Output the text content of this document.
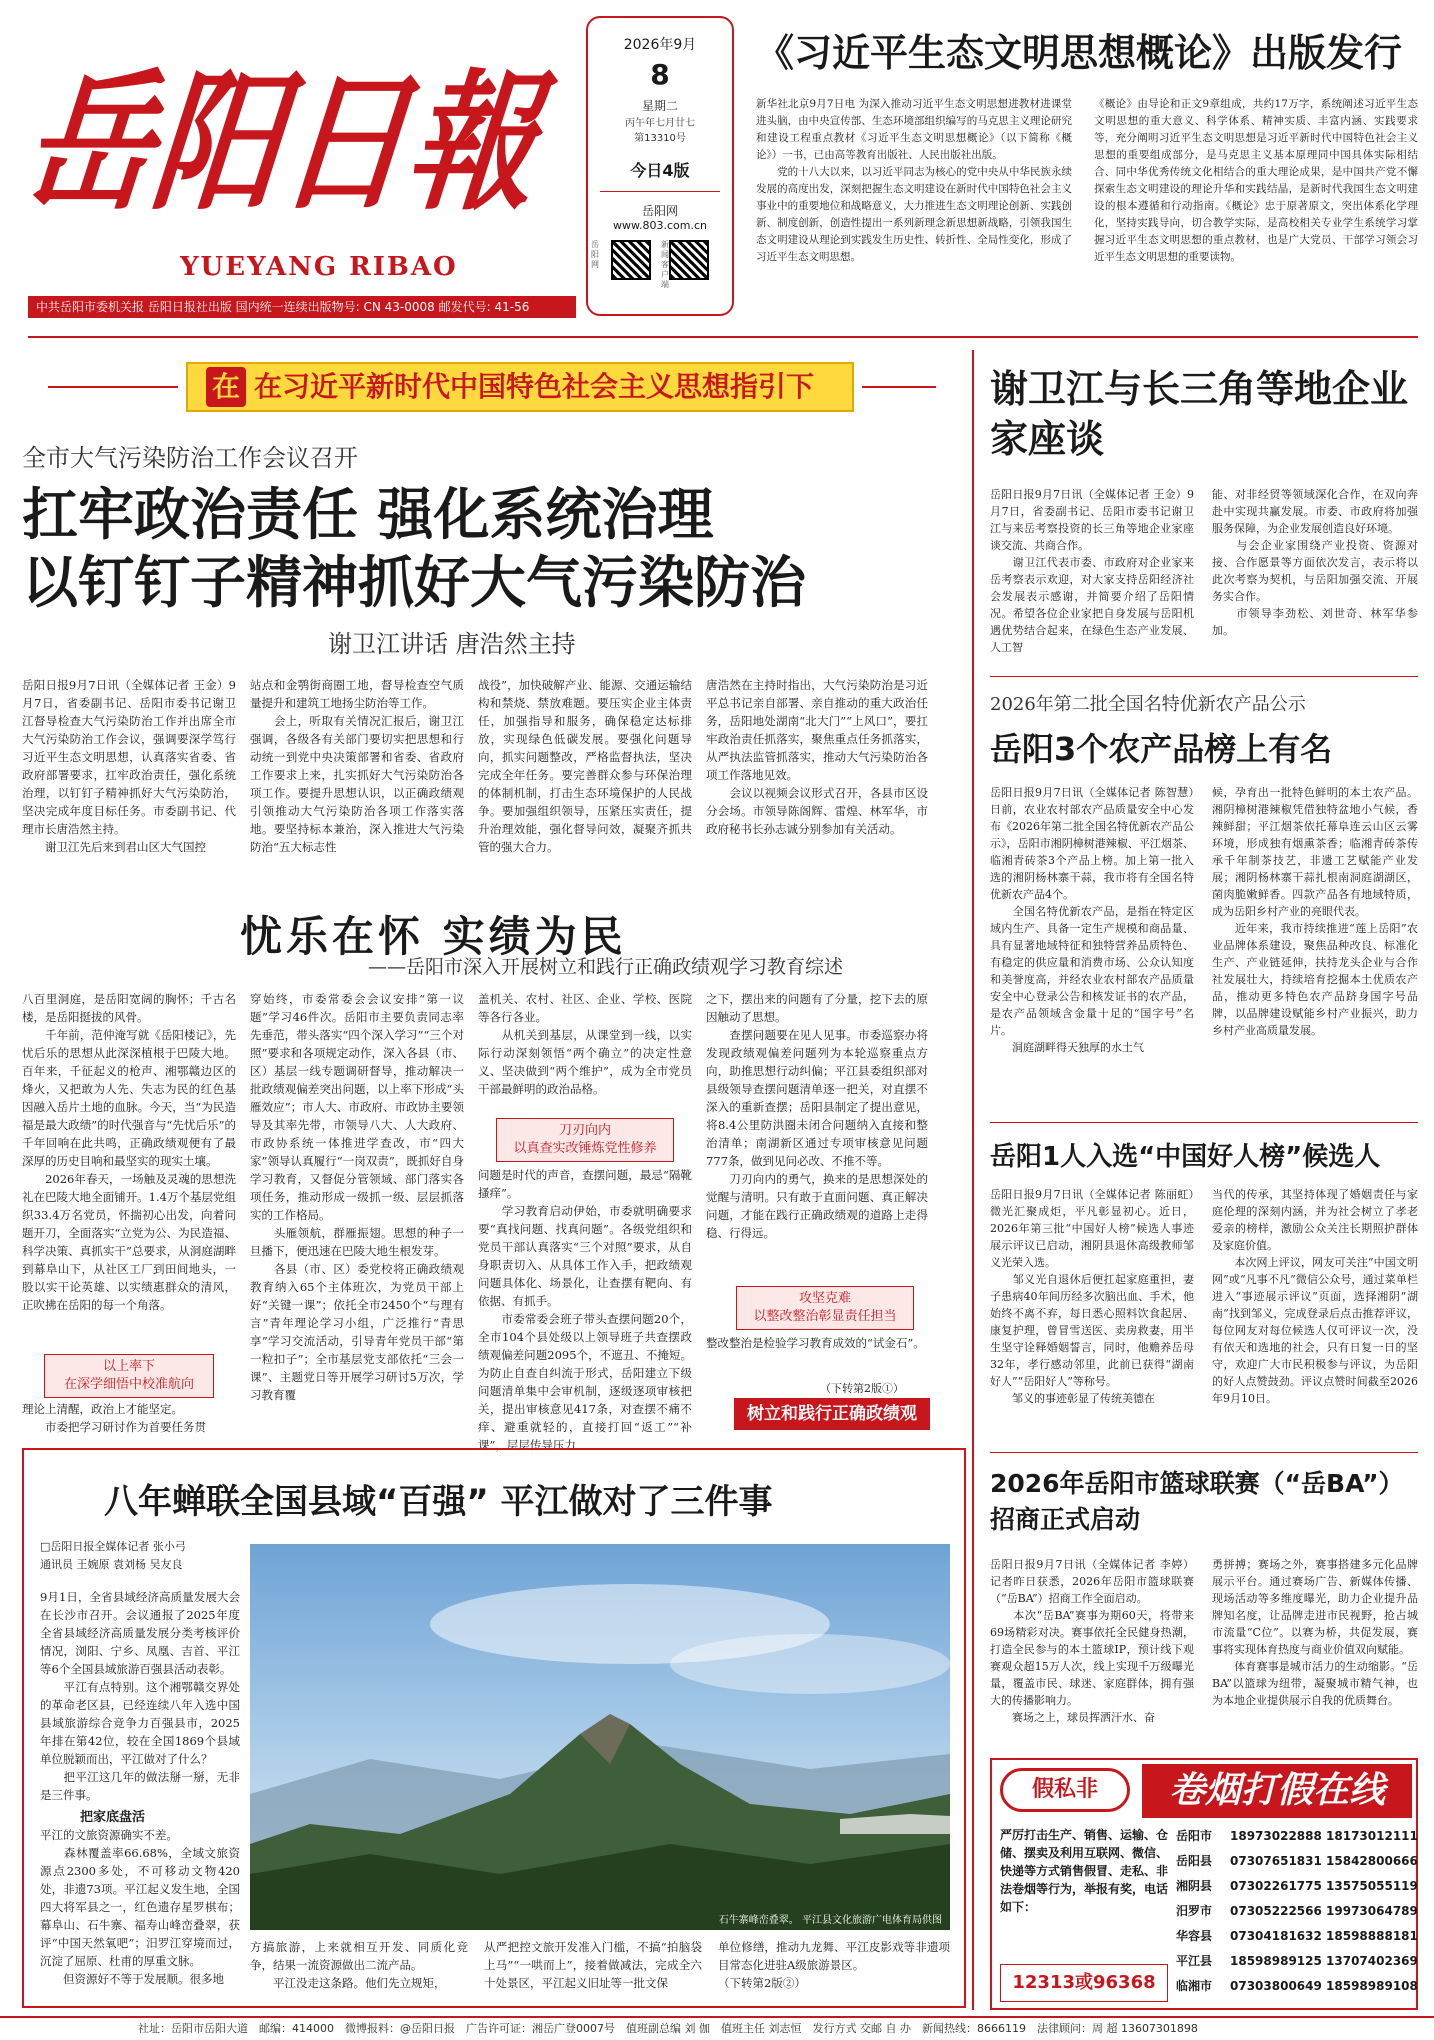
岳阳日報
YUEYANG RIBAO
中共岳阳市委机关报 岳阳日报社出版 国内统一连续出版物号: CN 43-0008 邮发代号: 41-56
2026年9月
8
星期二
丙午年七月廿七
第13310号
今日4版
岳阳网
www.803.com.cn

岳阳网
新闻客户端
《习近平生态文明思想概论》出版发行
新华社北京9月7日电 为深入推动习近平生态文明思想进教材进课堂进头脑，由中央宣传部、生态环境部组织编写的马克思主义理论研究和建设工程重点教材《习近平生态文明思想概论》（以下简称《概论》）一书，已由高等教育出版社、人民出版社出版。
　　党的十八大以来，以习近平同志为核心的党中央从中华民族永续发展的高度出发，深刻把握生态文明建设在新时代中国特色社会主义事业中的重要地位和战略意义，大力推进生态文明理论创新、实践创新、制度创新，创造性提出一系列新理念新思想新战略，引领我国生态文明建设从理论到实践发生历史性、转折性、全局性变化，形成了习近平生态文明思想。
《概论》由导论和正文9章组成，共约17万字，系统阐述习近平生态文明思想的重大意义、科学体系、精神实质、丰富内涵、实践要求等，充分阐明习近平生态文明思想是习近平新时代中国特色社会主义思想的重要组成部分，是马克思主义基本原理同中国具体实际相结合、同中华优秀传统文化相结合的重大理论成果，是中国共产党不懈探索生态文明建设的理论升华和实践结晶，是新时代我国生态文明建设的根本遵循和行动指南。《概论》忠于原著原文，突出体系化学理化，坚持实践导向，切合教学实际，是高校相关专业学生系统学习掌握习近平生态文明思想的重点教材，也是广大党员、干部学习领会习近平生态文明思想的重要读物。
在 在习近平新时代中国特色社会主义思想指引下
全市大气污染防治工作会议召开
扛牢政治责任 强化系统治理
以钉钉子精神抓好大气污染防治
谢卫江讲话 唐浩然主持
岳阳日报9月7日讯（全媒体记者 王金）9月7日，省委副书记、岳阳市委书记谢卫江督导检查大气污染防治工作并出席全市大气污染防治工作会议，强调要深学笃行习近平生态文明思想，认真落实省委、省政府部署要求，扛牢政治责任，强化系统治理，以钉钉子精神抓好大气污染防治，坚决完成年度目标任务。市委副书记、代理市长唐浩然主持。
　　谢卫江先后来到君山区大气国控
站点和金鹗街商圈工地，督导检查空气质量提升和建筑工地扬尘防治等工作。
　　会上，听取有关情况汇报后，谢卫江强调，各级各有关部门要切实把思想和行动统一到党中央决策部署和省委、省政府工作要求上来，扎实抓好大气污染防治各项工作。要提升思想认识，以正确政绩观引领推动大气污染防治各项工作落实落地。要坚持标本兼治，深入推进大气污染防治“五大标志性
战役”，加快破解产业、能源、交通运输结构和禁烧、禁放难题。要压实企业主体责任，加强指导和服务，确保稳定达标排放，实现绿色低碳发展。要强化问题导向，抓实问题整改，严格监督执法，坚决完成全年任务。要完善群众参与环保治理的体制机制，打击生态环境保护的人民战争。要加强组织领导，压紧压实责任，提升治理效能，强化督导问效，凝聚齐抓共管的强大合力。
唐浩然在主持时指出，大气污染防治是习近平总书记亲自部署、亲自推动的重大政治任务，岳阳地处湖南“北大门”“上风口”，要扛牢政治责任抓落实，聚焦重点任务抓落实，从严执法监管抓落实，推动大气污染防治各项工作落地见效。
　　会议以视频会议形式召开，各县市区设分会场。市领导陈阁辉、雷煌、林军华，市政府秘书长孙志诚分别参加有关活动。
忧乐在怀 实绩为民
——岳阳市深入开展树立和践行正确政绩观学习教育综述
八百里洞庭，是岳阳宽阔的胸怀；千古名楼，是岳阳挺拔的风骨。
　　千年前，范仲淹写就《岳阳楼记》，先忧后乐的思想从此深深植根于巴陵大地。百年来，千征起义的枪声、湘鄂赣边区的烽火，又把敢为人先、失志为民的红色基因融入岳片土地的血脉。今天，当“为民造福是最大政绩”的时代强音与“先忧后乐”的千年回响在此共鸣，正确政绩观便有了最深厚的历史目响和最坚实的现实土壤。
　　2026年春天，一场触及灵魂的思想洗礼在巴陵大地全面铺开。1.4万个基层党组织33.4万名党员，怀揣初心出发，向着问题开刀，全面落实“立党为公、为民造福、科学决策、真抓实干”总要求，从洞庭湖畔到幕阜山下，从社区工厂到田间地头，一股以实干论英雄、以实绩惠群众的清风，正吹拂在岳阳的每一个角落。
以上率下
在深学细悟中校准航向
理论上清醒，政治上才能坚定。
　　市委把学习研讨作为首要任务贯
穿始终，市委常委会会议安排“第一议题”学习46件次。岳阳市主要负责同志率先垂范，带头落实“四个深入学习”“三个对照”要求和各项规定动作，深入各县（市、区）基层一线专题调研督导，推动解决一批政绩观偏差突出问题，以上率下形成“头雁效应”；市人大、市政府、市政协主要领导及其率先带，市领导八大、人大政府、市政协系统一体推进学查改，市“四大家”领导认真履行“一岗双责”，既抓好自身学习教育，又督促分管领域、部门落实各项任务，推动形成一级抓一级、层层抓落实的工作格局。
　　头雁领航，群雁振翅。思想的种子一旦播下，便迅速在巴陵大地生根发芽。
　　各县（市、区）委党校将正确政绩观教育纳入65个主体班次，为党员干部上好“关键一课”；依托全市2450个“与理有言”青年理论学习小组，广泛推行“青思享”学习交流活动，引导青年党员干部“第一粒扣子”；全市基层党支部依托“三会一课”、主题党日等开展学习研讨5万次，学习教育覆
盖机关、农村、社区、企业、学校、医院等各行各业。
　　从机关到基层，从课堂到一线，以实际行动深刻领悟“两个确立”的决定性意义、坚决做到“两个维护”，成为全市党员干部最鲜明的政治品格。
刀刃向内
以真查实改锤炼党性修养
问题是时代的声音，查摆问题，最忌“隔靴搔痒”。
　　学习教育启动伊始，市委就明确要求要“真找问题、找真问题”。各级党组织和党员干部认真落实“三个对照”要求，从自身职责切入、从具体工作入手，把政绩观问题具体化、场景化，让查摆有靶向、有依据、有抓手。
　　市委常委会班子带头查摆问题20个，全市104个县处级以上领导班子共查摆政绩观偏差问题2095个，不遮丑、不掩短。为防止自查自纠流于形式，岳阳建立下级问题清单集中会审机制，逐级逐项审核把关，提出审核意见417条，对查摆不痛不痒、避重就轻的，直接打回“返工”“补课”，层层传导压力
之下，摆出来的问题有了分量，挖下去的原因触动了思想。
　　查摆问题要在见人见事。市委巡察办将发现政绩观偏差问题列为本轮巡察重点方向，助推思想行动纠偏；平江县委组织部对县级领导查摆问题清单逐一把关，对直摆不深入的重新查摆；岳阳县制定了提出意见，将8.4公里防洪圈未闭合问题纳入直接和整治清单；南湖新区通过专项审核意见问题777条，做到见问必改、不推不等。
　　刀刃向内的勇气，换来的是思想深处的觉醒与清明。只有敢于直面问题、真正解决问题，才能在践行正确政绩观的道路上走得稳、行得远。
攻坚克难
以整改整治彰显责任担当
整改整治是检验学习教育成效的“试金石”。
（下转第2版①）
树立和践行正确政绩观
八年蝉联全国县域“百强” 平江做对了三件事
□岳阳日报全媒体记者 张小弓
通讯员 王婉原 袁刘杨 吴友良
9月1日，全省县域经济高质量发展大会在长沙市召开。会议通报了2025年度全省县域经济高质量发展分类考核评价情况，浏阳、宁乡、凤凰、吉首、平江等6个全国县域旅游百强县活动表彰。
　　平江有点特别。这个湘鄂赣交界处的革命老区县，已经连续八年入选中国县域旅游综合竞争力百强县市，2025年排在第42位，较在全国1869个县域单位脱颖而出，平江做对了什么？
　　把平江这几年的做法掰一掰，无非是三件事。
把家底盘活
平江的文旅资源确实不差。
　　森林覆盖率66.68%，全域文旅资源点2300多处，不可移动文物420处，非遗73项。平江起义发生地，全国四大将军县之一，红色遗存星罗棋布；幕阜山、石牛寨、福寿山峰峦叠翠，获评“中国天然氧吧”；汨罗江穿境而过，沉淀了屈原、杜甫的厚重文脉。
　　但资源好不等于发展顺。很多地
石牛寨峰峦叠翠。 平江县文化旅游广电体育局供图
方搞旅游，上来就相互开发、同质化竞争，结果一流资源做出二流产品。
　　平江没走这条路。他们先立规矩，
从严把控文旅开发准入门槛，不搞“拍脑袋上马”“一哄而上”，接着做减法，完成全六十处景区，平江起义旧址等一批文保
单位修缮，推动九龙舞、平江皮影戏等非遗项目常态化进驻A级旅游景区。
（下转第2版②）
谢卫江与长三角等地企业家座谈
岳阳日报9月7日讯（全媒体记者 王金）9月7日，省委副书记、岳阳市委书记谢卫江与来岳考察投资的长三角等地企业家座谈交流、共商合作。
　　谢卫江代表市委、市政府对企业家来岳考察表示欢迎，对大家支持岳阳经济社会发展表示感谢，并简要介绍了岳阳情况。希望各位企业家把自身发展与岳阳机遇优势结合起来，在绿色生态产业发展、人工智
能、对非经贸等领域深化合作，在双向奔赴中实现共赢发展。市委、市政府将加强服务保障，为企业发展创造良好环境。
　　与会企业家围绕产业投资、资源对接、合作愿景等方面依次发言，表示将以此次考察为契机，与岳阳加强交流、开展务实合作。
　　市领导李劲松、刘世奇、林军华参加。
2026年第二批全国名特优新农产品公示
岳阳3个农产品榜上有名
岳阳日报9月7日讯（全媒体记者 陈智慧）日前，农业农村部农产品质量安全中心发布《2026年第二批全国名特优新农产品公示》，岳阳市湘阴樟树港辣椒、平江烟茶、临湘青砖茶3个产品上榜。加上第一批入选的湘阴杨林寨干蒜，我市将有全国名特优新农产品4个。
　　全国名特优新农产品，是指在特定区域内生产、具备一定生产规模和商品量、具有显著地域特征和独特营养品质特色、有稳定的供应量和消费市场、公众认知度和美誉度高，并经农业农村部农产品质量安全中心登录公告和核发证书的农产品，是农产品领域含金量十足的“国字号”名片。
　　洞庭湖畔得天独厚的水土气
候，孕育出一批特色鲜明的本土农产品。湘阴樟树港辣椒凭借独特盆地小气候，香辣鲜甜；平江烟茶依托幕阜连云山区云雾环境，形成独有烟熏茶香；临湘青砖茶传承千年制茶技艺，非遗工艺赋能产业发展；湘阴杨林寨干蒜扎根南洞庭湖湖区，菌肉脆嫩鲜香。四款产品各有地域特质，成为岳阳乡村产业的亮眼代表。
　　近年来，我市持续推进“莲上岳阳”农业品牌体系建设，聚焦品种改良、标准化生产、产业链延伸，扶持龙头企业与合作社发展壮大，持续培育挖掘本土优质农产品，推动更多特色农产品跻身国字号品牌，以品牌建设赋能乡村产业振兴，助力乡村产业高质量发展。
岳阳1人入选“中国好人榜”候选人
岳阳日报9月7日讯（全媒体记者 陈丽虹）微光汇聚成炬，平凡彰显初心。近日，2026年第三批“中国好人榜”候选人事迹展示评议已启动，湘阴县退休高级教师邹义光荣入选。
　　邹义光自退休后便扛起家庭重担，妻子患病40年间历经多次脑出血、手术，他始终不离不弃，每日悉心照料饮食起居、康复护理，曾冒雪送医、卖房救妻，用半生坚守诠释婚姻誓言，同时，他赡养岳母32年，孝行感动邻里，此前已获得“湖南好人”“岳阳好人”等称号。
　　邹义的事迹彰显了传统美德在
当代的传承，其坚持体现了婚姻责任与家庭伦理的深刻内涵，并为社会树立了孝老爱亲的榜样，激励公众关注长期照护群体及家庭价值。
　　本次网上评议，网友可关注“中国文明网”或“凡事不凡”微信公众号，通过菜单栏进入“事迹展示评议”页面，选择湘阴“湖南”找到邹义，完成登录后点击推荐评议，每位网友对每位候选人仅可评议一次，没有依天和选地的社会，只有日复一日的坚守，欢迎广大市民积极参与评议，为岳阳的好人点赞鼓劲。评议点赞时间截至2026年9月10日。
2026年岳阳市篮球联赛（“岳BA”）
招商正式启动
岳阳日报9月7日讯（全媒体记者 李婷）记者昨日获悉，2026年岳阳市篮球联赛（“岳BA”）招商工作全面启动。
　　本次“岳BA”赛事为期60天，将带来69场精彩对决。赛事依托全民健身热潮，打造全民参与的本土篮球IP，预计线下观赛观众超15万人次，线上实现千万级曝光量，覆盖市民、球迷、家庭群体，拥有强大的传播影响力。
　　赛场之上，球员挥洒汗水、奋
勇拼搏；赛场之外，赛事搭建多元化品牌展示平台。通过赛场广告、新媒体传播、现场活动等多维度曝光，助力企业提升品牌知名度，让品牌走进市民视野，抢占城市流量“C位”。以赛为桥，共促发展，赛事将实现体育热度与商业价值双向赋能。
　　体育赛事是城市活力的生动缩影。“岳BA”以篮球为纽带，凝聚城市精气神，也为本地企业提供展示自我的优质舞台。
卷烟打假在线
假私非
严厉打击生产、销售、运输、仓储、摆卖及利用互联网、微信、快递等方式销售假冒、走私、非法卷烟等行为，举报有奖，电话如下：
12313或96368
岳阳市 18973022888 18173012111
岳阳县 07307651831 15842800666
湘阴县 07302261775 13575055119
汨罗市 07305222566 19973064789
华容县 07304181632 18598888181
平江县 18598989125 13707402369
临湘市 07303800649 18598989108
社址：岳阳市岳阳大道　邮编：414000　微博报料：@岳阳日报　广告许可证：湘岳广登0007号　值班副总编 刘 伽　值班主任 刘志恒　发行方式 交邮 自 办　新闻热线：8666119　法律顾问：周 超 13607301898
